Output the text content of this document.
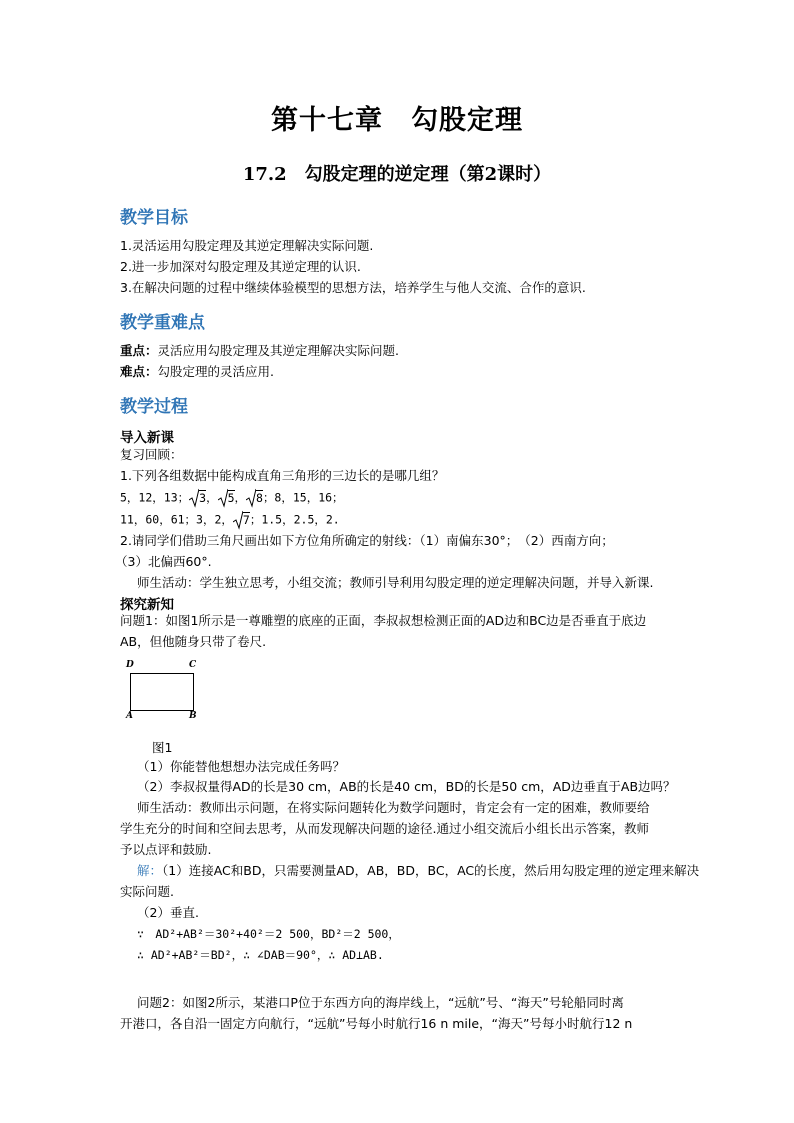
第十七章　勾股定理
17.2　勾股定理的逆定理（第2课时）
教学目标

1.灵活运用勾股定理及其逆定理解决实际问题.

2.进一步加深对勾股定理及其逆定理的认识.

3.在解决问题的过程中继续体验模型的思想方法，培养学生与他人交流、合作的意识.

教学重难点

重点：灵活应用勾股定理及其逆定理解决实际问题.

难点：勾股定理的灵活应用.

教学过程

导入新课

复习回顾：

1.下列各组数据中能构成直角三角形的三边长的是哪几组？

5，12，13； 3， 5， 8；8，15，16；

11，60，61；3，2， 7；1.5，2.5，2.

2.请同学们借助三角尺画出如下方位角所确定的射线：（1）南偏东30°；　（2）西南方向；

（3）北偏西60°.

师生活动：学生独立思考，小组交流；教师引导利用勾股定理的逆定理解决问题，并导入新课.

探究新知

问题1：如图1所示是一尊雕塑的底座的正面，李叔叔想检测正面的AD边和BC边是否垂直于底边

AB，但他随身只带了卷尺.

D	C
A	B
图1

（1）你能替他想想办法完成任务吗？

（2）李叔叔量得AD的长是30 cm，AB的长是40 cm，BD的长是50 cm，AD边垂直于AB边吗？

师生活动：教师出示问题，在将实际问题转化为数学问题时，肯定会有一定的困难，教师要给

学生充分的时间和空间去思考，从而发现解决问题的途径.通过小组交流后小组长出示答案，教师

予以点评和鼓励.

解：（1）连接AC和BD，只需要测量AD，AB，BD，BC，AC的长度，然后用勾股定理的逆定理来解决

实际问题.

（2）垂直.

∵　AD²+AB²＝30²+40²＝2 500，BD²＝2 500，

∴ AD²+AB²＝BD²，∴ ∠DAB＝90°，∴ AD⊥AB.

问题2：如图2所示，某港口P位于东西方向的海岸线上，“远航”号、“海天”号轮船同时离

开港口，各自沿一固定方向航行，“远航”号每小时航行16 n mile，“海天”号每小时航行12 n
